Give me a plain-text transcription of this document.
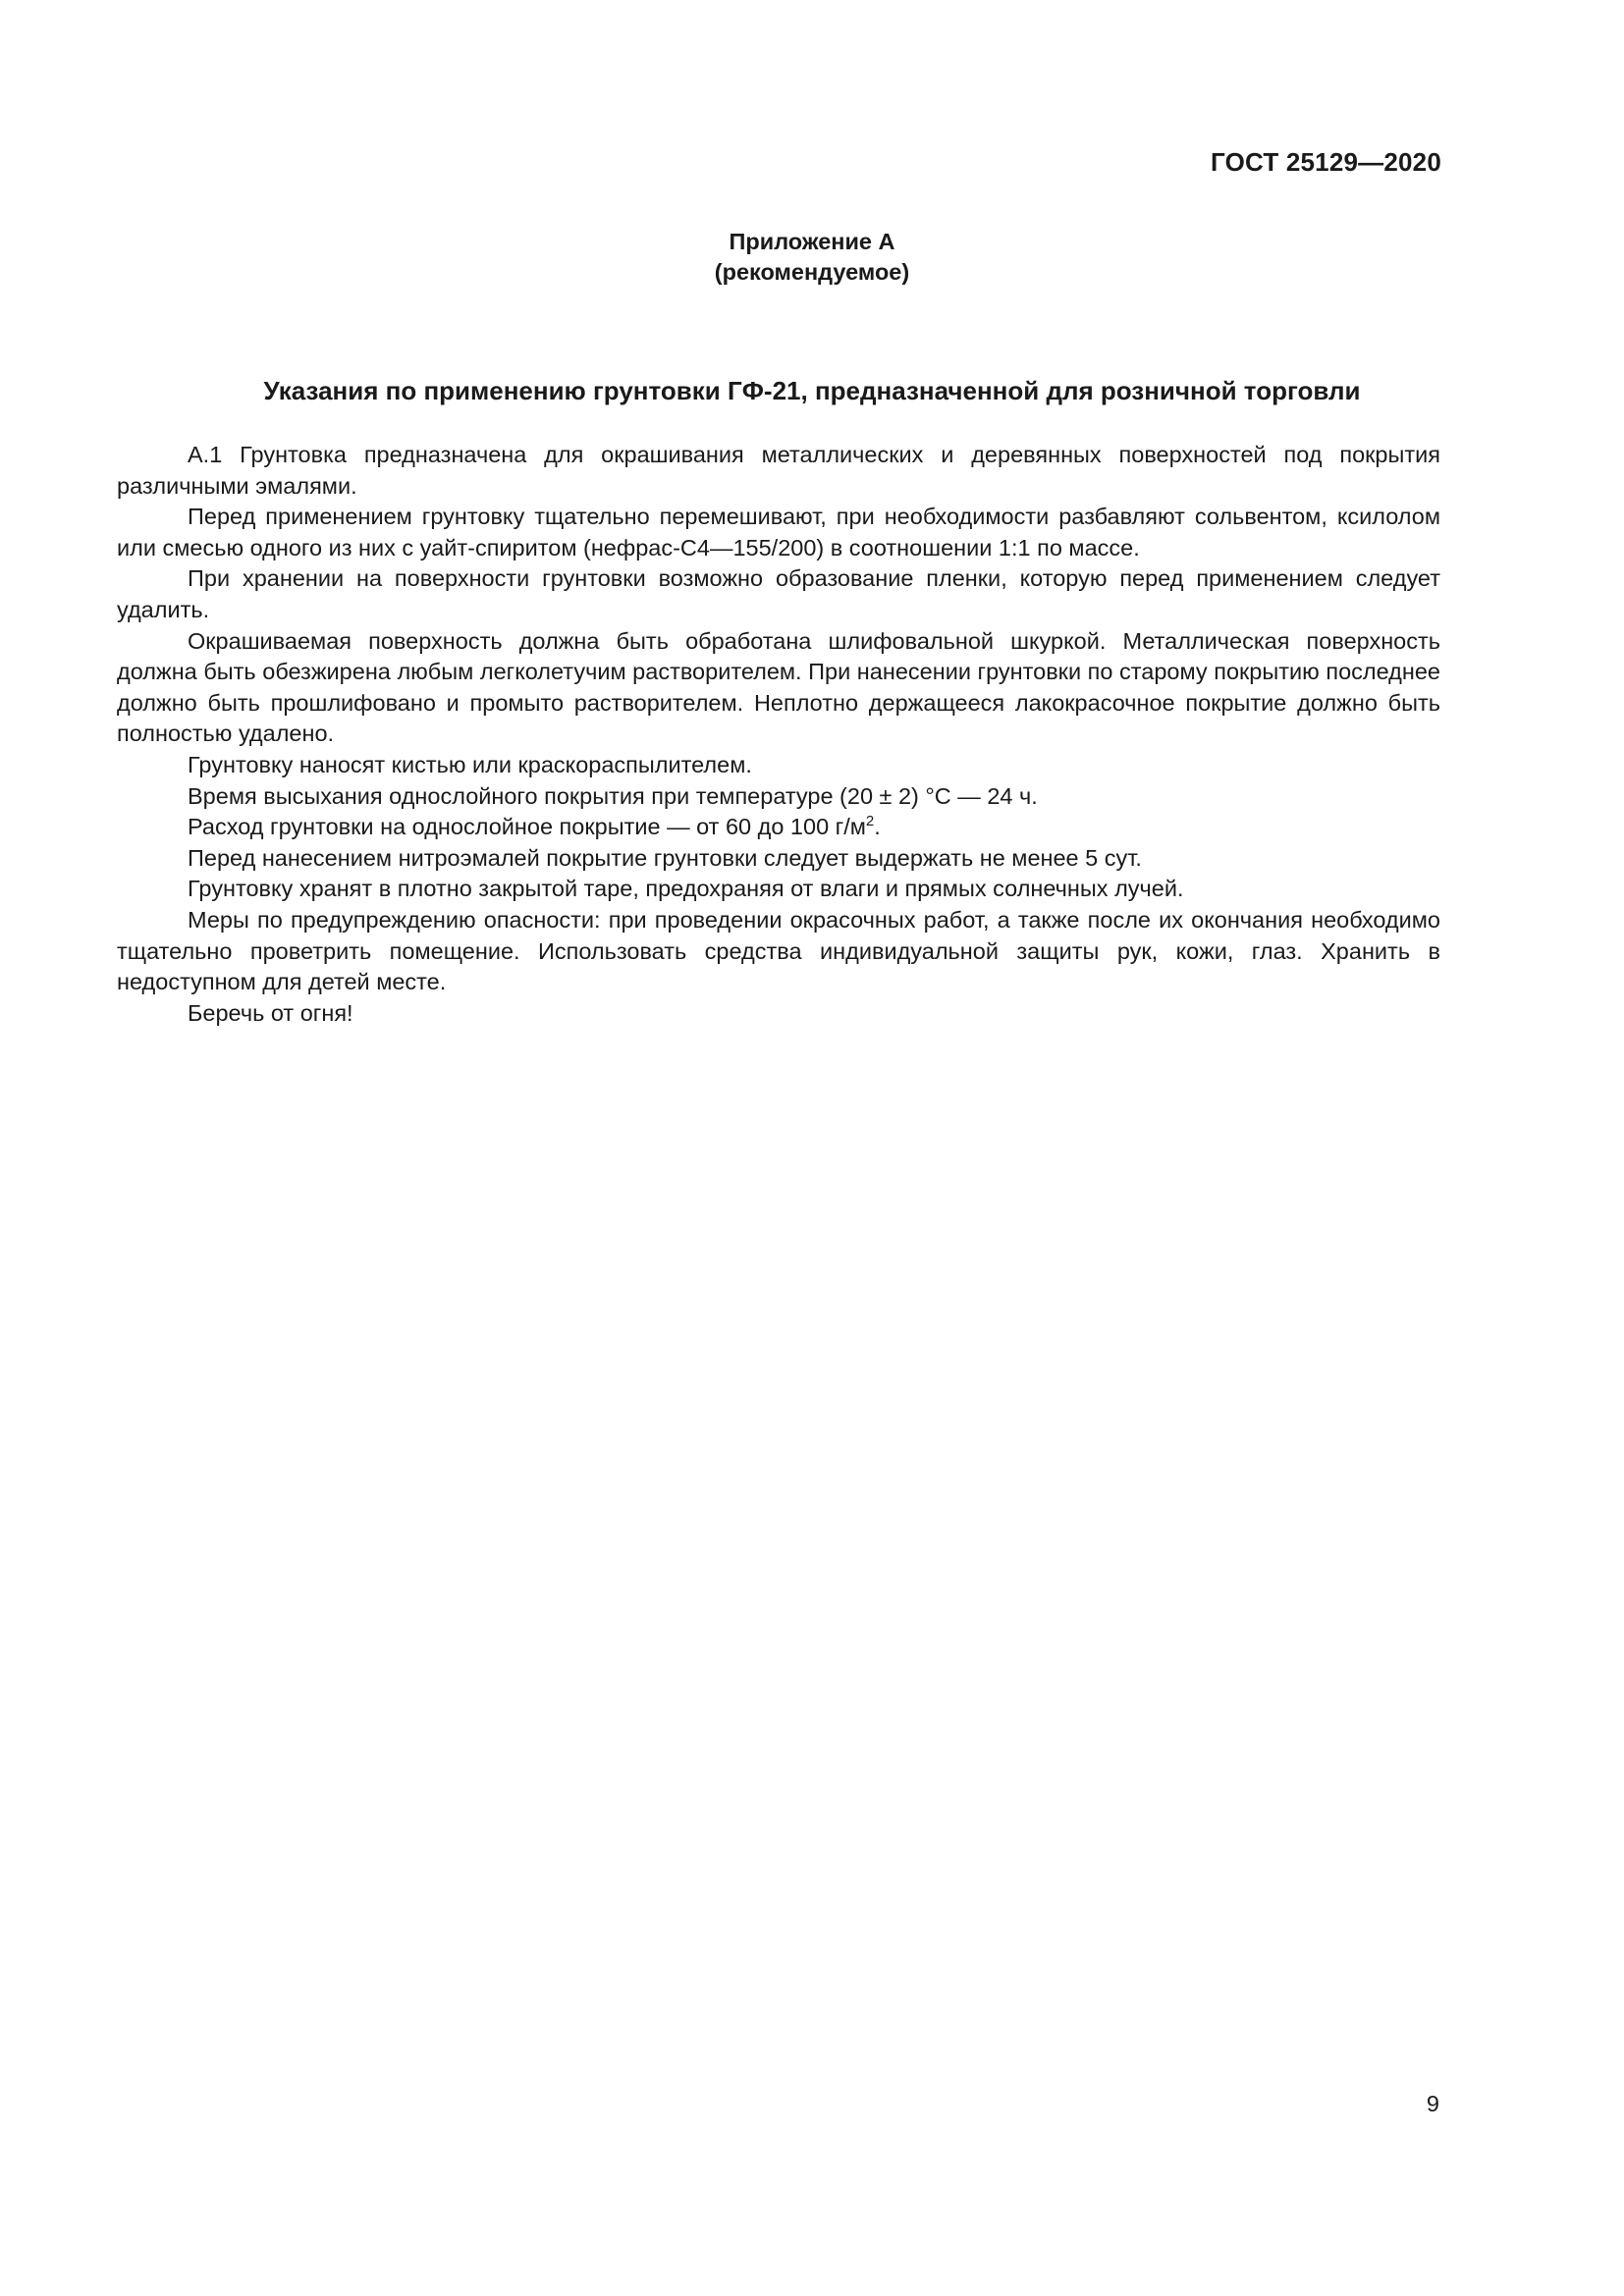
ГОСТ 25129—2020
Приложение А
(рекомендуемое)
Указания по применению грунтовки ГФ-21, предназначенной для розничной торговли

А.1 Грунтовка предназначена для окрашивания металлических и деревянных поверхностей под покрытия различными эмалями.

Перед применением грунтовку тщательно перемешивают, при необходимости разбавляют сольвентом, ксилолом или смесью одного из них с уайт-спиритом (нефрас-С4—155/200) в соотношении 1:1 по массе.

При хранении на поверхности грунтовки возможно образование пленки, которую перед применением следует удалить.

Окрашиваемая поверхность должна быть обработана шлифовальной шкуркой. Металлическая поверхность должна быть обезжирена любым легколетучим растворителем. При нанесении грунтовки по старому покрытию последнее должно быть прошлифовано и промыто растворителем. Неплотно держащееся лакокрасочное покрытие должно быть полностью удалено.

Грунтовку наносят кистью или краскораспылителем.

Время высыхания однослойного покрытия при температуре (20 ± 2) °С — 24 ч.

Расход грунтовки на однослойное покрытие — от 60 до 100 $г/м^2$.

Перед нанесением нитроэмалей покрытие грунтовки следует выдержать не менее 5 сут.

Грунтовку хранят в плотно закрытой таре, предохраняя от влаги и прямых солнечных лучей.

Меры по предупреждению опасности: при проведении окрасочных работ, а также после их окончания необходимо тщательно проветрить помещение. Использовать средства индивидуальной защиты рук, кожи, глаз. Хранить в недоступном для детей месте.

Беречь от огня!

9
